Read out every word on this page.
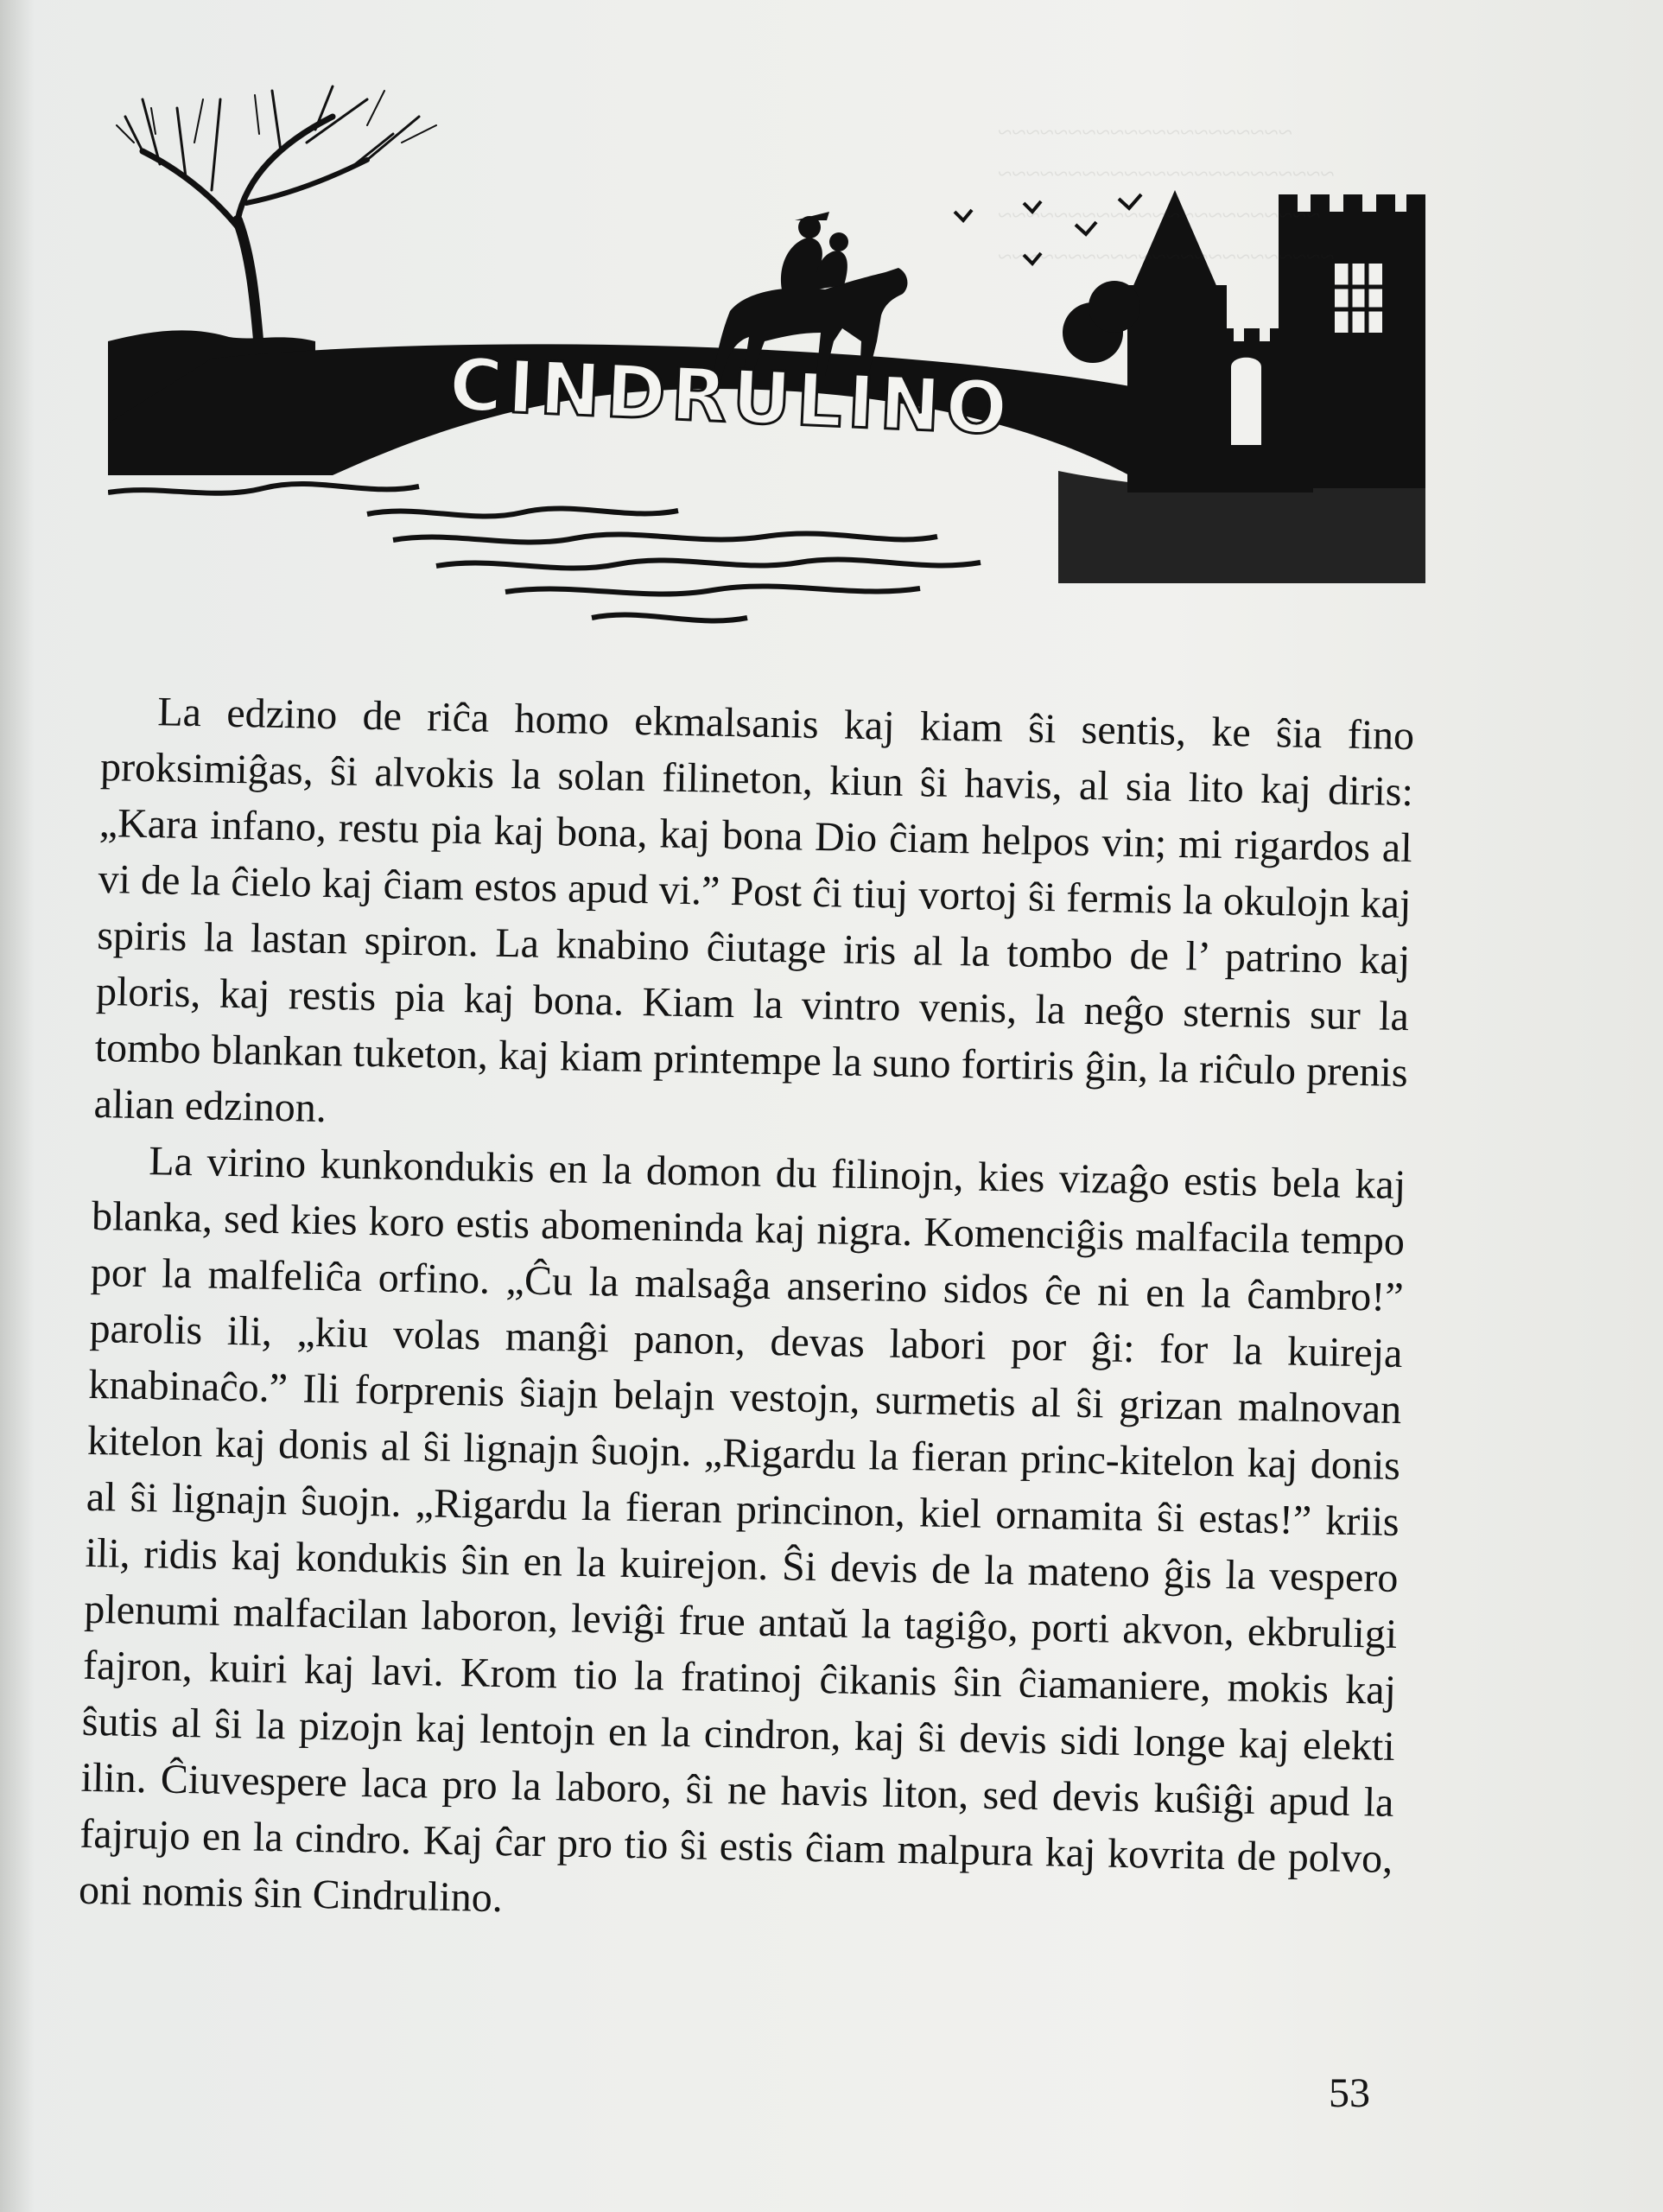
CINDRULINO
~~~~~~~~~~~~~~~~~~~~~
~~~~~~~~~~~~~~~~~~~~~~~~
~~~~~~~~~~~~~~~~~~~~~~~
~~~~~~~~~~~~~~~~~~~~~~~~

La edzino de riĉa homo ekmalsanis kaj kiam ŝi sentis, ke ŝia fino proksimiĝas, ŝi alvokis la solan filineton, kiun ŝi havis, al sia lito kaj diris: „Kara infano, restu pia kaj bona, kaj bona Dio ĉiam helpos vin; mi rigardos al vi de la ĉielo kaj ĉiam estos apud vi.” Post ĉi tiuj vortoj ŝi fermis la okulojn kaj spiris la lastan spiron. La knabino ĉiutage iris al la tombo de l’ patrino kaj ploris, kaj restis pia kaj bona. Kiam la vintro venis, la neĝo sternis sur la tombo blankan tuketon, kaj kiam printempe la suno fortiris ĝin, la riĉulo prenis alian edzinon.

La virino kunkondukis en la domon du filinojn, kies vizaĝo estis bela kaj blanka, sed kies koro estis abomeninda kaj nigra. Komenciĝis malfacila tempo por la malfeliĉa orfino. „Ĉu la malsaĝa anserino sidos ĉe ni en la ĉambro!” parolis ili, „kiu volas manĝi panon, devas labori por ĝi: for la kuireja knabinaĉo.” Ili forprenis ŝiajn belajn vestojn, surmetis al ŝi grizan malnovan kitelon kaj donis al ŝi lignajn ŝuojn. „Rigardu la fieran princ-kitelon kaj donis al ŝi lignajn ŝuojn. „Rigardu la fieran princinon, kiel ornamita ŝi estas!” kriis ili, ridis kaj kondukis ŝin en la kuirejon. Ŝi devis de la mateno ĝis la vespero plenumi malfacilan laboron, leviĝi frue antaŭ la tagiĝo, porti akvon, ekbruligi fajron, kuiri kaj lavi. Krom tio la fratinoj ĉikanis ŝin ĉiamaniere, mokis kaj ŝutis al ŝi la pizojn kaj lentojn en la cindron, kaj ŝi devis sidi longe kaj elekti ilin. Ĉiuvespere laca pro la laboro, ŝi ne havis liton, sed devis kuŝiĝi apud la fajrujo en la cindro. Kaj ĉar pro tio ŝi estis ĉiam malpura kaj kovrita de polvo, oni nomis ŝin Cindrulino.

53
